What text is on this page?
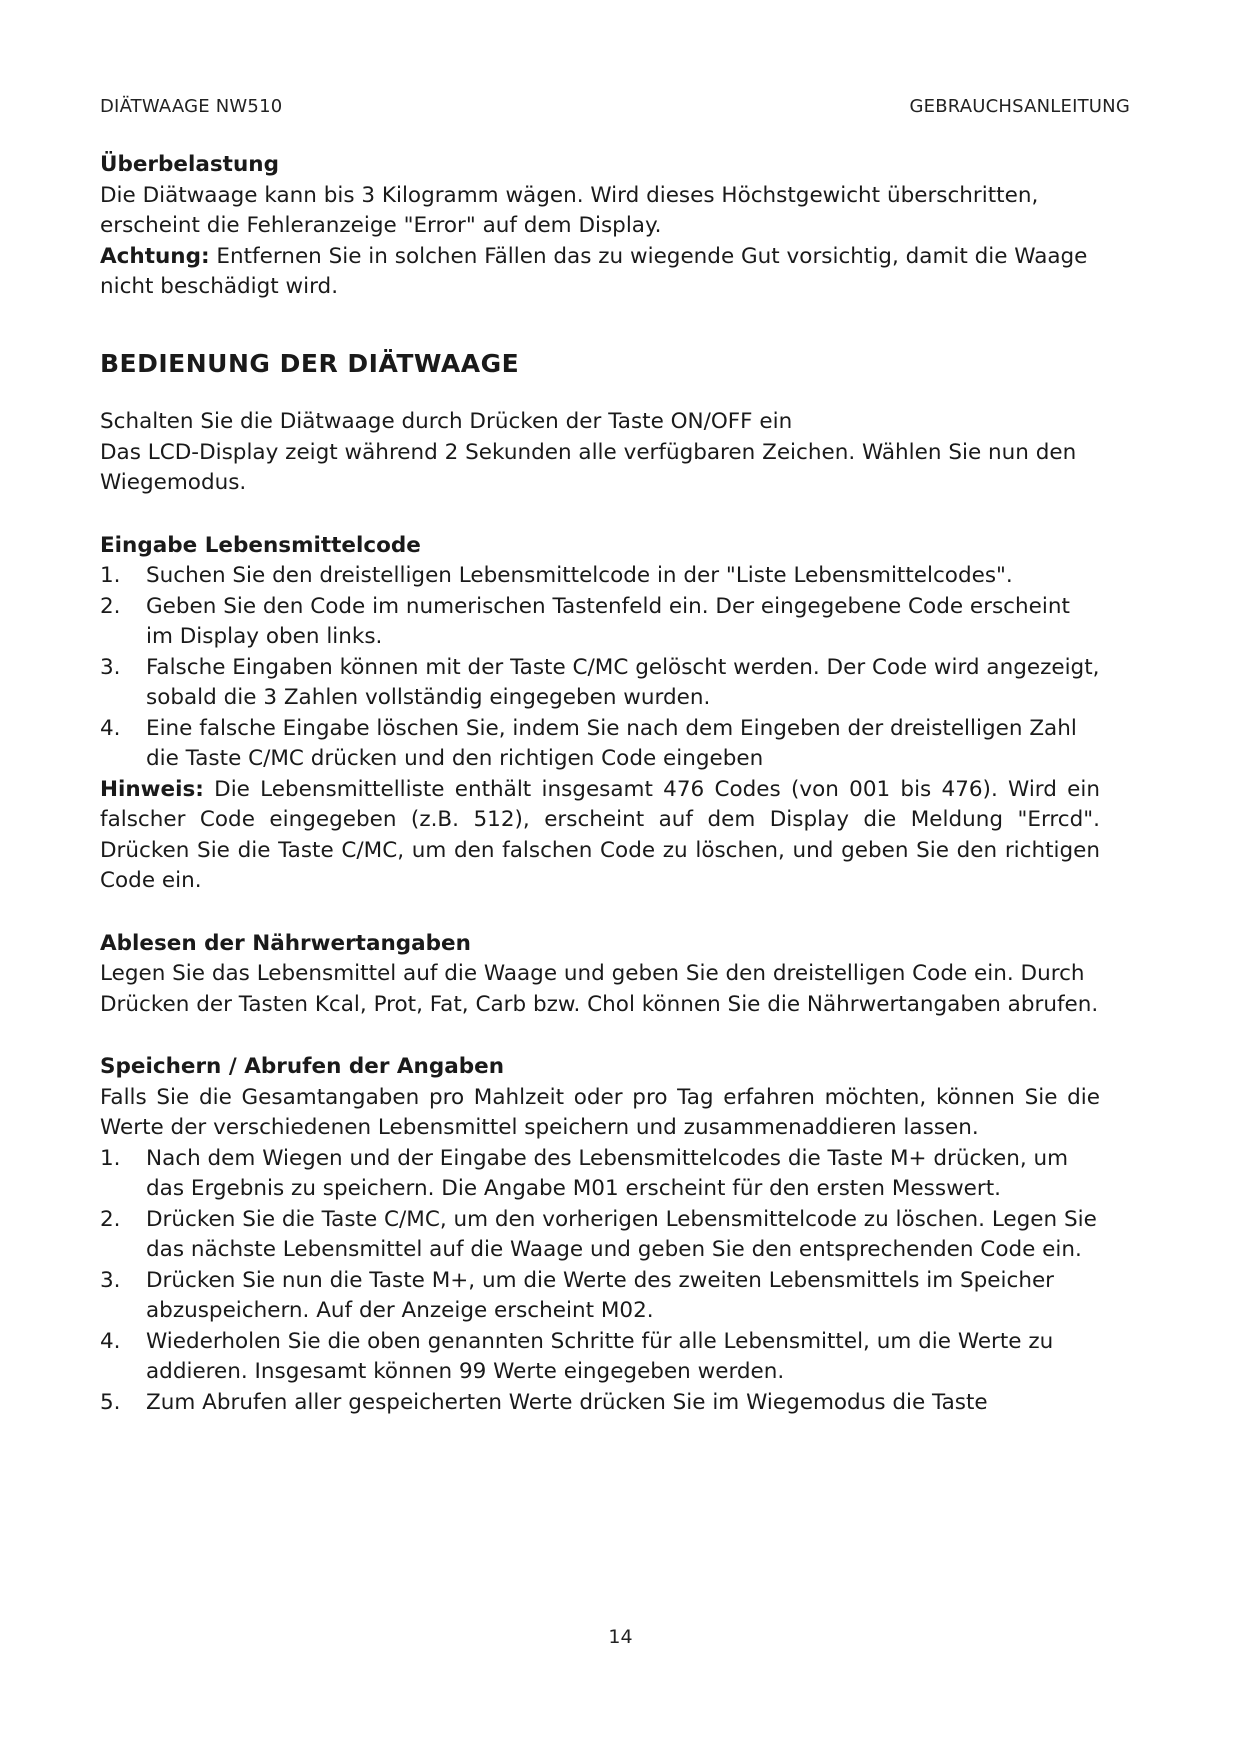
DIÄTWAAGE NW510	GEBRAUCHSANLEITUNG
Überbelastung

Die Diätwaage kann bis 3 Kilogramm wägen. Wird dieses Höchstgewicht überschritten, erscheint die Fehleranzeige "Error" auf dem Display.

Achtung: Entfernen Sie in solchen Fällen das zu wiegende Gut vorsichtig, damit die Waage nicht beschädigt wird.

BEDIENUNG DER DIÄTWAAGE

Schalten Sie die Diätwaage durch Drücken der Taste ON/OFF ein

Das LCD-Display zeigt während 2 Sekunden alle verfügbaren Zeichen. Wählen Sie nun den Wiegemodus.

Eingabe Lebensmittelcode
1. Suchen Sie den dreistelligen Lebensmittelcode in der "Liste Lebensmittelcodes".
2. Geben Sie den Code im numerischen Tastenfeld ein. Der eingegebene Code erscheint im Display oben links.
3. Falsche Eingaben können mit der Taste C/MC gelöscht werden. Der Code wird angezeigt, sobald die 3 Zahlen vollständig eingegeben wurden.
4. Eine falsche Eingabe löschen Sie, indem Sie nach dem Eingeben der dreistelligen Zahl die Taste C/MC drücken und den richtigen Code eingeben

Hinweis: Die Lebensmittelliste enthält insgesamt 476 Codes (von 001 bis 476). Wird ein falscher Code eingegeben (z.B. 512), erscheint auf dem Display die Meldung "Errcd". Drücken Sie die Taste C/MC, um den falschen Code zu löschen, und geben Sie den richtigen Code ein.

Ablesen der Nährwertangaben

Legen Sie das Lebensmittel auf die Waage und geben Sie den dreistelligen Code ein. Durch Drücken der Tasten Kcal, Prot, Fat, Carb bzw. Chol können Sie die Nährwertangaben abrufen.

Speichern / Abrufen der Angaben

Falls Sie die Gesamtangaben pro Mahlzeit oder pro Tag erfahren möchten, können Sie die Werte der verschiedenen Lebensmittel speichern und zusammenaddieren lassen.

1. Nach dem Wiegen und der Eingabe des Lebensmittelcodes die Taste M+ drücken, um das Ergebnis zu speichern. Die Angabe M01 erscheint für den ersten Messwert.
2. Drücken Sie die Taste C/MC, um den vorherigen Lebensmittelcode zu löschen. Legen Sie das nächste Lebensmittel auf die Waage und geben Sie den entsprechenden Code ein.
3. Drücken Sie nun die Taste M+, um die Werte des zweiten Lebensmittels im Speicher abzuspeichern. Auf der Anzeige erscheint M02.
4. Wiederholen Sie die oben genannten Schritte für alle Lebensmittel, um die Werte zu addieren. Insgesamt können 99 Werte eingegeben werden.
5. Zum Abrufen aller gespeicherten Werte drücken Sie im Wiegemodus die Taste
14
